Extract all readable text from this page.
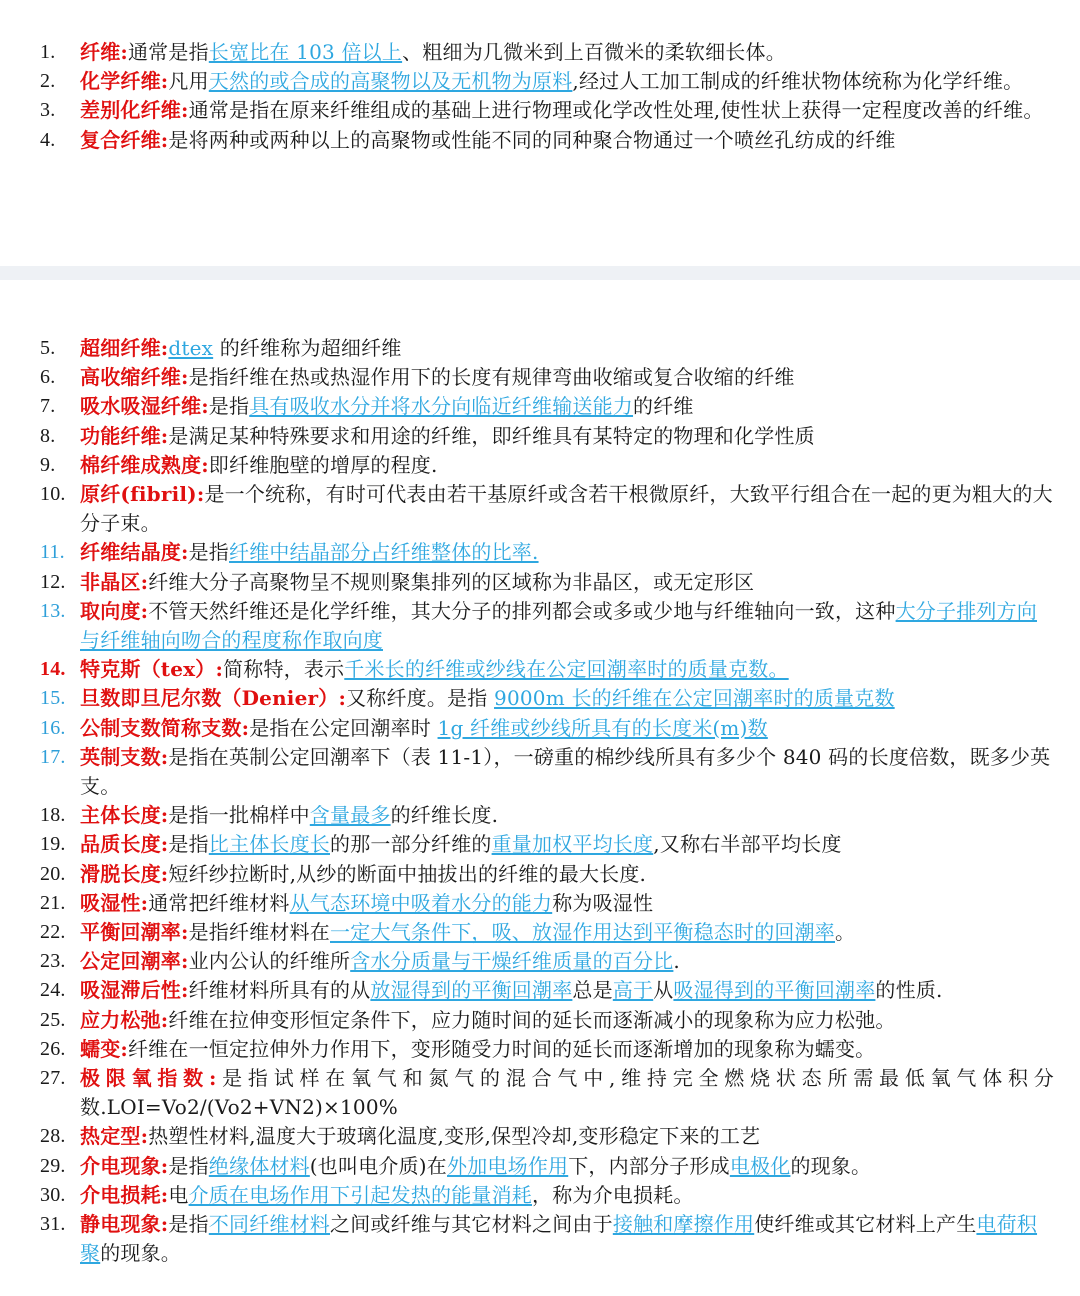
1. 纤维:通常是指长宽比在 103 倍以上、粗细为几微米到上百微米的柔软细长体。
2. 化学纤维:凡用天然的或合成的高聚物以及无机物为原料,经过人工加工制成的纤维状物体统称为化学纤维。
3. 差别化纤维:通常是指在原来纤维组成的基础上进行物理或化学改性处理,使性状上获得一定程度改善的纤维。
4. 复合纤维:是将两种或两种以上的高聚物或性能不同的同种聚合物通过一个喷丝孔纺成的纤维
5. 超细纤维:dtex 的纤维称为超细纤维
6. 高收缩纤维:是指纤维在热或热湿作用下的长度有规律弯曲收缩或复合收缩的纤维
7. 吸水吸湿纤维:是指具有吸收水分并将水分向临近纤维输送能力的纤维
8. 功能纤维:是满足某种特殊要求和用途的纤维，即纤维具有某特定的物理和化学性质
9. 棉纤维成熟度:即纤维胞壁的增厚的程度.
10. 原纤(fibril):是一个统称，有时可代表由若干基原纤或含若干根微原纤，大致平行组合在一起的更为粗大的大分子束。
11. 纤维结晶度:是指纤维中结晶部分占纤维整体的比率.
12. 非晶区:纤维大分子高聚物呈不规则聚集排列的区域称为非晶区，或无定形区
13. 取向度:不管天然纤维还是化学纤维，其大分子的排列都会或多或少地与纤维轴向一致，这种大分子排列方向与纤维轴向吻合的程度称作取向度
14. 特克斯（tex）:简称特，表示千米长的纤维或纱线在公定回潮率时的质量克数。
15. 旦数即旦尼尔数（Denier）:又称纤度。是指 9000m 长的纤维在公定回潮率时的质量克数
16. 公制支数简称支数:是指在公定回潮率时 1g 纤维或纱线所具有的长度米(m)数
17. 英制支数:是指在英制公定回潮率下（表 11-1），一磅重的棉纱线所具有多少个 840 码的长度倍数，既多少英支。
18. 主体长度:是指一批棉样中含量最多的纤维长度.
19. 品质长度:是指比主体长度长的那一部分纤维的重量加权平均长度,又称右半部平均长度
20. 滑脱长度:短纤纱拉断时,从纱的断面中抽拔出的纤维的最大长度.
21. 吸湿性:通常把纤维材料从气态环境中吸着水分的能力称为吸湿性
22. 平衡回潮率:是指纤维材料在一定大气条件下，吸、放湿作用达到平衡稳态时的回潮率。
23. 公定回潮率:业内公认的纤维所含水分质量与干燥纤维质量的百分比.
24. 吸湿滞后性:纤维材料所具有的从放湿得到的平衡回潮率总是高于从吸湿得到的平衡回潮率的性质.
25. 应力松弛:纤维在拉伸变形恒定条件下，应力随时间的延长而逐渐减小的现象称为应力松弛。
26. 蠕变:纤维在一恒定拉伸外力作用下，变形随受力时间的延长而逐渐增加的现象称为蠕变。
27. 极限氧指数:是指试样在氧气和氮气的混合气中,维持完全燃烧状态所需最低氧气体积分数.LOI=Vo2/(Vo2+VN2)×100%
28. 热定型:热塑性材料,温度大于玻璃化温度,变形,保型冷却,变形稳定下来的工艺
29. 介电现象:是指绝缘体材料(也叫电介质)在外加电场作用下，内部分子形成电极化的现象。
30. 介电损耗:电介质在电场作用下引起发热的能量消耗，称为介电损耗。
31. 静电现象:是指不同纤维材料之间或纤维与其它材料之间由于接触和摩擦作用使纤维或其它材料上产生电荷积聚的现象。
